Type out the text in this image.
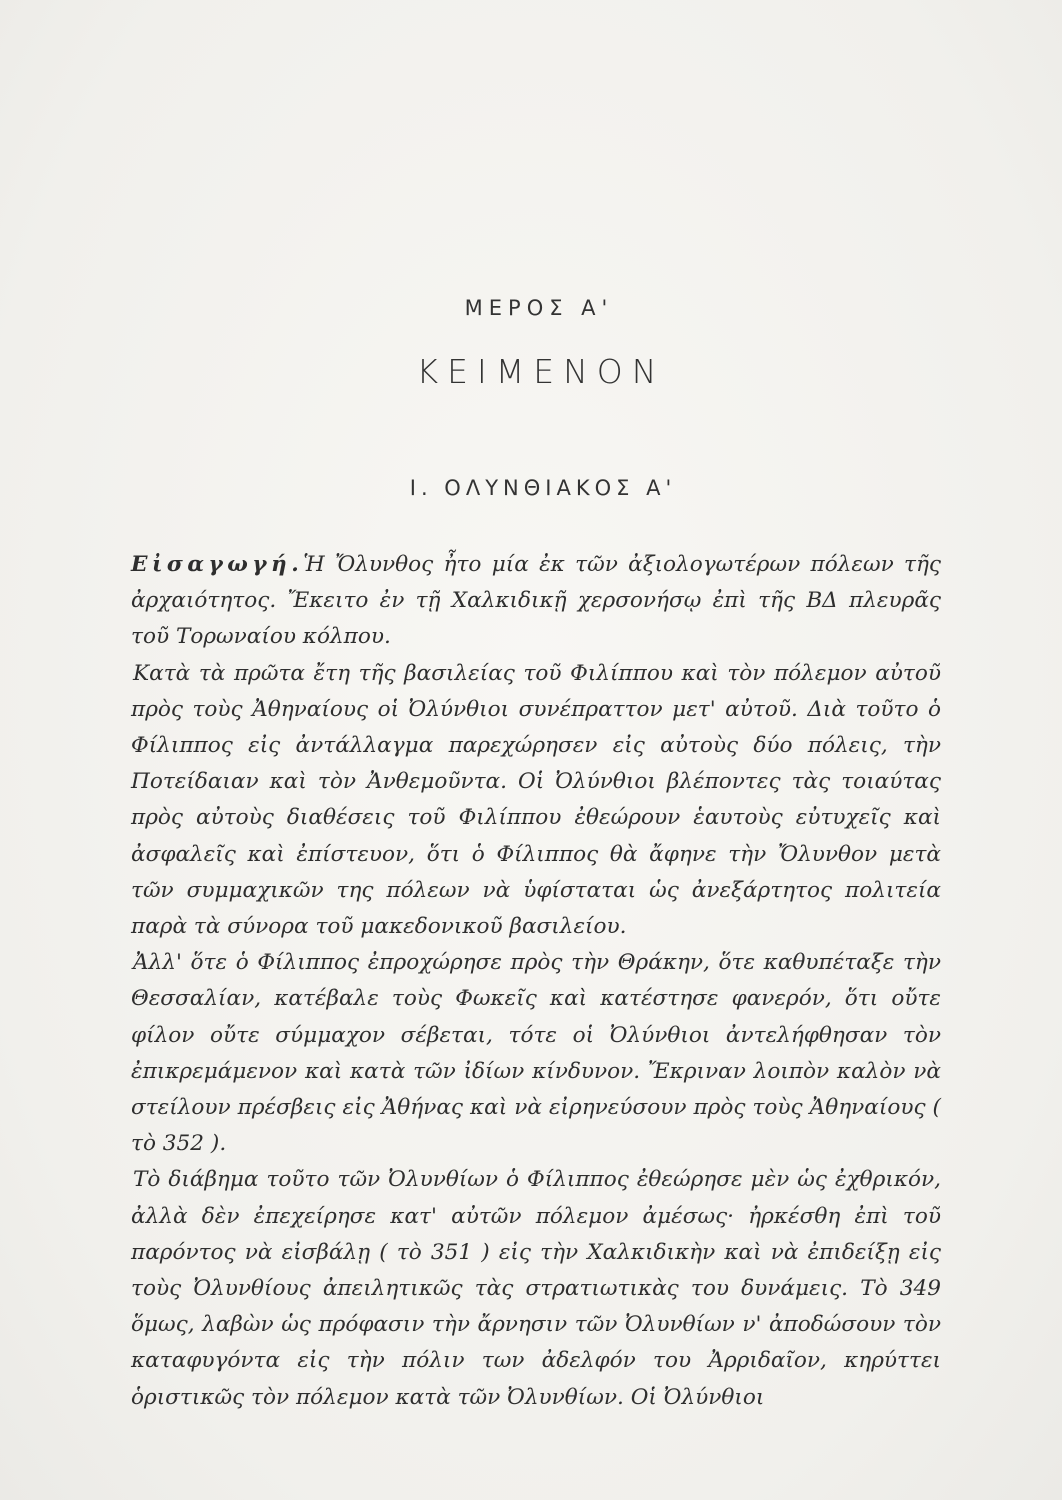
ΜΕΡΟΣ Α'
ΚΕΙΜΕΝΟΝ
Ι. ΟΛΥΝΘΙΑΚΟΣ Α'

Εἰσαγωγή.Ἡ Ὄλυνθος ἦτο μία ἐκ τῶν ἀξιολογωτέρων πόλεων τῆς ἀρχαιότητος. Ἔκειτο ἐν τῇ Χαλκιδικῇ χερσονήσῳ ἐπὶ τῆς ΒΔ πλευρᾶς τοῦ Τορωναίου κόλπου.

Κατὰ τὰ πρῶτα ἔτη τῆς βασιλείας τοῦ Φιλίππου καὶ τὸν πόλεμον αὐτοῦ πρὸς τοὺς Ἀθηναίους οἱ Ὀλύνθιοι συνέπραττον μετ' αὐτοῦ. Διὰ τοῦτο ὁ Φίλιππος εἰς ἀντάλλαγμα παρεχώρησεν εἰς αὐτοὺς δύο πόλεις, τὴν Ποτείδαιαν καὶ τὸν Ἀνθεμοῦντα. Οἱ Ὀλύνθιοι βλέποντες τὰς τοιαύτας πρὸς αὐτοὺς διαθέσεις τοῦ Φιλίππου ἐθεώρουν ἑαυτοὺς εὐτυχεῖς καὶ ἀσφαλεῖς καὶ ἐπίστευον, ὅτι ὁ Φίλιππος θὰ ἄφηνε τὴν Ὄλυνθον μετὰ τῶν συμμαχικῶν της πόλεων νὰ ὑφίσταται ὡς ἀνεξάρτητος πολιτεία παρὰ τὰ σύνορα τοῦ μακεδονικοῦ βασιλείου.

Ἀλλ' ὅτε ὁ Φίλιππος ἐπροχώρησε πρὸς τὴν Θράκην, ὅτε καθυπέταξε τὴν Θεσσαλίαν, κατέβαλε τοὺς Φωκεῖς καὶ κατέστησε φανερόν, ὅτι οὔτε φίλον οὔτε σύμμαχον σέβεται, τότε οἱ Ὀλύνθιοι ἀντελήφθησαν τὸν ἐπικρεμάμενον καὶ κατὰ τῶν ἰδίων κίνδυνον. Ἔκριναν λοιπὸν καλὸν νὰ στείλουν πρέσβεις εἰς Ἀθήνας καὶ νὰ εἰρηνεύσουν πρὸς τοὺς Ἀθηναίους ( τὸ 352 ).

Τὸ διάβημα τοῦτο τῶν Ὀλυνθίων ὁ Φίλιππος ἐθεώρησε μὲν ὡς ἐχθρικόν, ἀλλὰ δὲν ἐπεχείρησε κατ' αὐτῶν πόλεμον ἀμέσως· ἠρκέσθη ἐπὶ τοῦ παρόντος νὰ εἰσβάλῃ ( τὸ 351 ) εἰς τὴν Χαλκιδικὴν καὶ νὰ ἐπιδείξῃ εἰς τοὺς Ὀλυνθίους ἀπειλητικῶς τὰς στρατιωτικὰς του δυνάμεις. Τὸ 349 ὅμως, λαβὼν ὡς πρόφασιν τὴν ἄρνησιν τῶν Ὀλυνθίων ν' ἀποδώσουν τὸν καταφυγόντα εἰς τὴν πόλιν των ἀδελφόν του Ἀρριδαῖον, κηρύττει ὁριστικῶς τὸν πόλεμον κατὰ τῶν Ὀλυνθίων. Οἱ Ὀλύνθιοι
